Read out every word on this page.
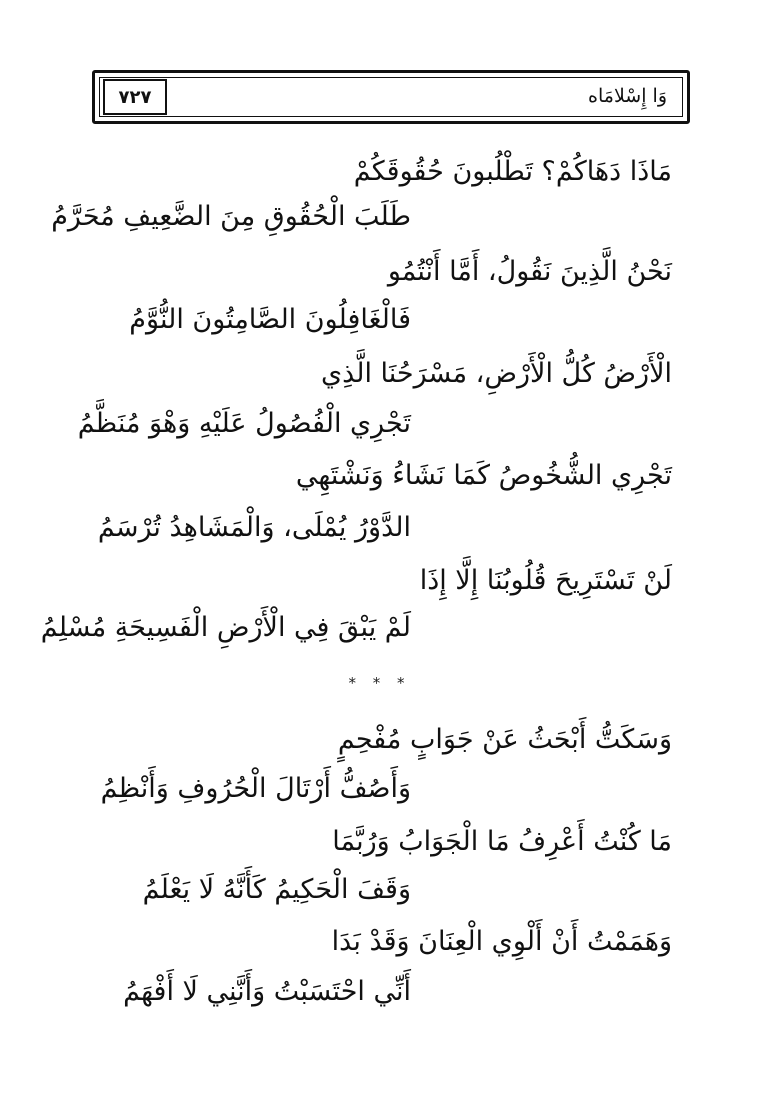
٧٢٧	وَا إِسْلامَاه
مَاذَا دَهَاكُمْ؟ تَطْلُبونَ حُقُوقَكُمْ
طَلَبَ الْحُقُوقِ مِنَ الضَّعِيفِ مُحَرَّمُ
نَحْنُ الَّذِينَ نَقُولُ، أَمَّا أَنْتُمُو
فَالْغَافِلُونَ الصَّامِتُونَ النُّوَّمُ
الْأَرْضُ كُلُّ الْأَرْضِ، مَسْرَحُنَا الَّذِي
تَجْرِي الْفُصُولُ عَلَيْهِ وَهْوَ مُنَظَّمُ
تَجْرِي الشُّخُوصُ كَمَا نَشَاءُ وَنَشْتَهِي
الدَّوْرُ يُمْلَى، وَالْمَشَاهِدُ تُرْسَمُ
لَنْ تَسْتَرِيحَ قُلُوبُنَا إِلَّا إِذَا
لَمْ يَبْقَ فِي الْأَرْضِ الْفَسِيحَةِ مُسْلِمُ
* * *
وَسَكَتُّ أَبْحَثُ عَنْ جَوَابٍ مُفْحِمٍ
وَأَصُفُّ أَرْتَالَ الْحُرُوفِ وَأَنْظِمُ
مَا كُنْتُ أَعْرِفُ مَا الْجَوَابُ وَرُبَّمَا
وَقَفَ الْحَكِيمُ كَأَنَّهُ لَا يَعْلَمُ
وَهَمَمْتُ أَنْ أَلْوِي الْعِنَانَ وَقَدْ بَدَا
أَنِّي احْتَسَبْتُ وَأَنَّنِي لَا أَفْهَمُ
